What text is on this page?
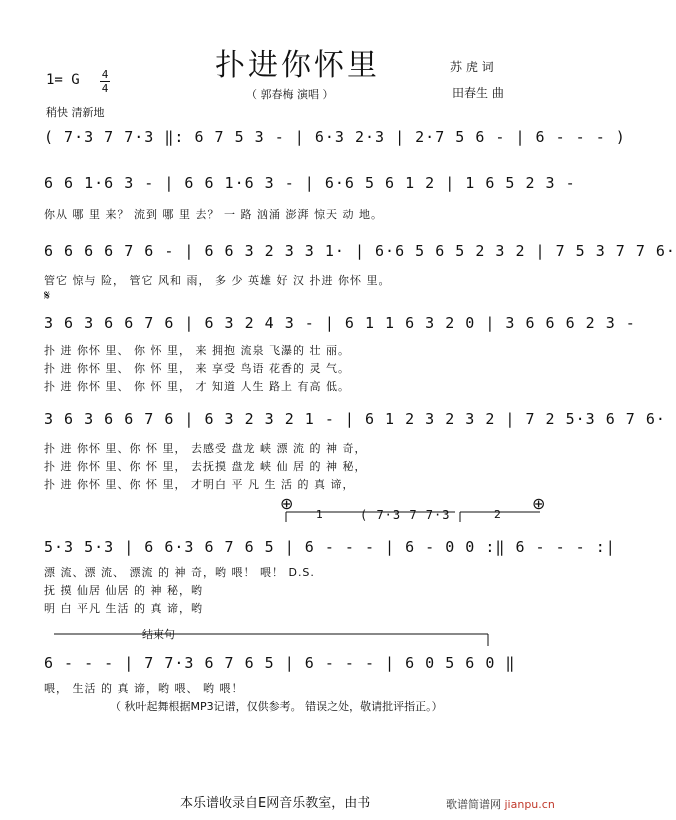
扑进你怀里	苏 虎 词
田春生 曲
1= G 4
4	（ 郭春梅 演唱 ）
稍快 清新地
( 7·3 7 7·3 ‖: 6 7 5 3 - | 6·3 2·3 | 2·7 5 6 - | 6 - - - )
6 6 1·6 3 - | 6 6 1·6 3 - | 6·6 5 6 1 2 | 1 6 5 2 3 -
你从 哪 里 来？ 流到 哪 里 去？ 一 路 汹涌 澎湃 惊天 动 地。
6 6 6 6 7 6 - | 6 6 3 2 3 3 1· | 6·6 5 6 5 2 3 2 | 7 5 3 7 7 6·
管它 惊与 险， 管它 风和 雨， 多 少 英雄 好 汉 扑进 你怀 里。
𝄋
3 6 3 6 6 7 6 | 6 3 2 4 3 - | 6 1 1 6 3 2 0 | 3 6 6 6 2 3 -
扑 进 你怀 里、 你 怀 里， 来 拥抱 流泉 飞瀑的 壮 丽。
扑 进 你怀 里、 你 怀 里， 来 享受 鸟语 花香的 灵 气。
扑 进 你怀 里、 你 怀 里， 才 知道 人生 路上 有高 低。
3 6 3 6 6 7 6 | 6 3 2 3 2 1 - | 6 1 2 3 2 3 2 | 7 2 5·3 6 7 6·
扑 进 你怀 里、你 怀 里， 去感受 盘龙 峡 漂 流 的 神 奇，
扑 进 你怀 里、你 怀 里， 去抚摸 盘龙 峡 仙 居 的 神 秘，
扑 进 你怀 里、你 怀 里， 才明白 平 凡 生 活 的 真 谛，
⊕	⊕
1	2
( 7·3 7 7·3
5·3 5·3 | 6 6·3 6 7 6 5 | 6 - - - | 6 - 0 0 :‖ 6 - - - :|
漂 流、漂 流、 漂流 的 神 奇，哟 喂！ 喂！ D.S.
抚 摸 仙居 仙居 的 神 秘，哟
明 白 平凡 生活 的 真 谛，哟
结束句
6 - - - | 7 7·3 6 7 6 5 | 6 - - - | 6 0 5 6 0 ‖
喂， 生活 的 真 谛，哟 喂、 哟 喂！
（ 秋叶起舞根据MP3记谱，仅供参考。 错误之处，敬请批评指正。）
本乐谱收录自E网音乐教室，由书	歌谱简谱网 jianpu.cn
